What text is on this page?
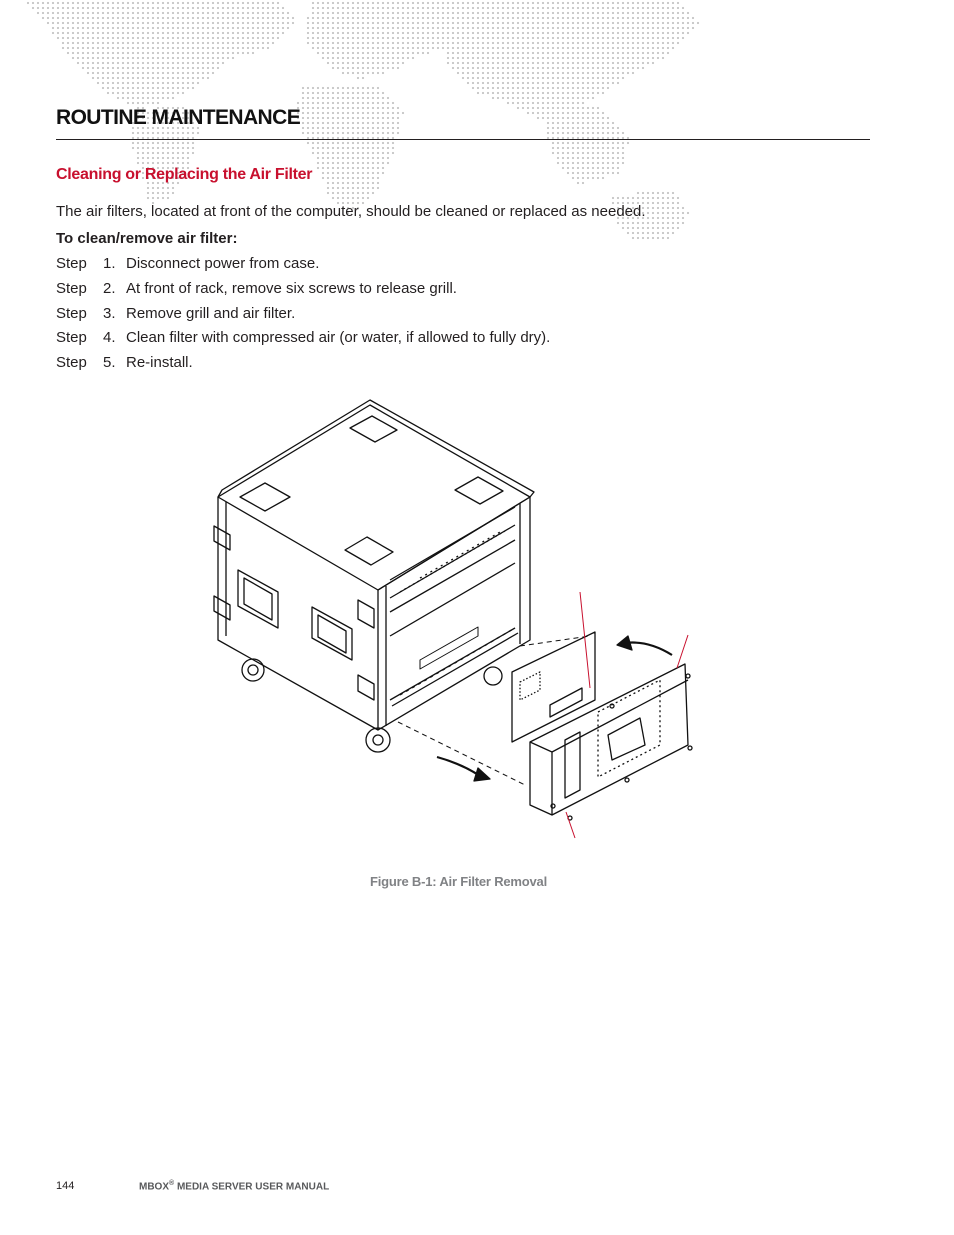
ROUTINE MAINTENANCE
Cleaning or Replacing the Air Filter

The air filters, located at front of the computer, should be cleaned or replaced as needed.

To clean/remove air filter:

Step	1. Disconnect power from case.
Step	2. At front of rack, remove six screws to release grill.
Step	3. Remove grill and air filter.
Step	4. Clean filter with compressed air (or water, if allowed to fully dry).
Step	5. Re-install.

Figure B-1: Air Filter Removal

144	MBOX® MEDIA SERVER USER MANUAL
